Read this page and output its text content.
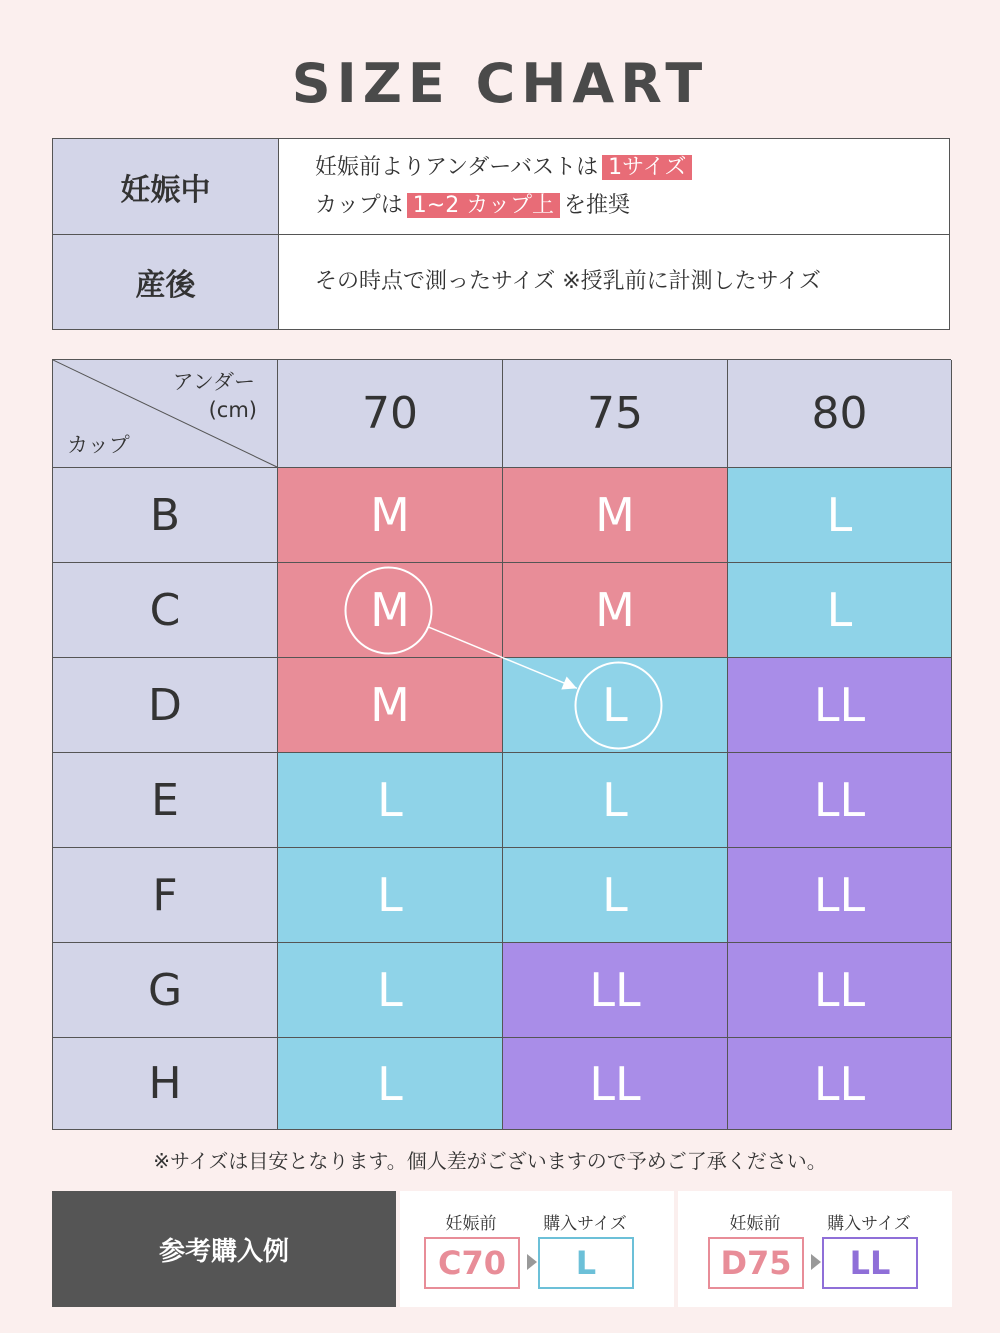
SIZE CHART
妊娠中
妊娠前よりアンダーバストは 1サイズ
カップは 1~2 カップ上 を推奨
産後	その時点で測ったサイズ ※授乳前に計測したサイズ
アンダー
(cm)
カップ
70	75	80
B	M	M	L
C	M	M	L
D	M	L	LL
E	L	L	LL
F	L	L	LL
G	L	LL	LL
H	L	LL	LL
※サイズは目安となります。個人差がございますので予めご了承ください。
参考購入例
妊娠前	購入サイズ
C70	L
妊娠前	購入サイズ
D75	LL
